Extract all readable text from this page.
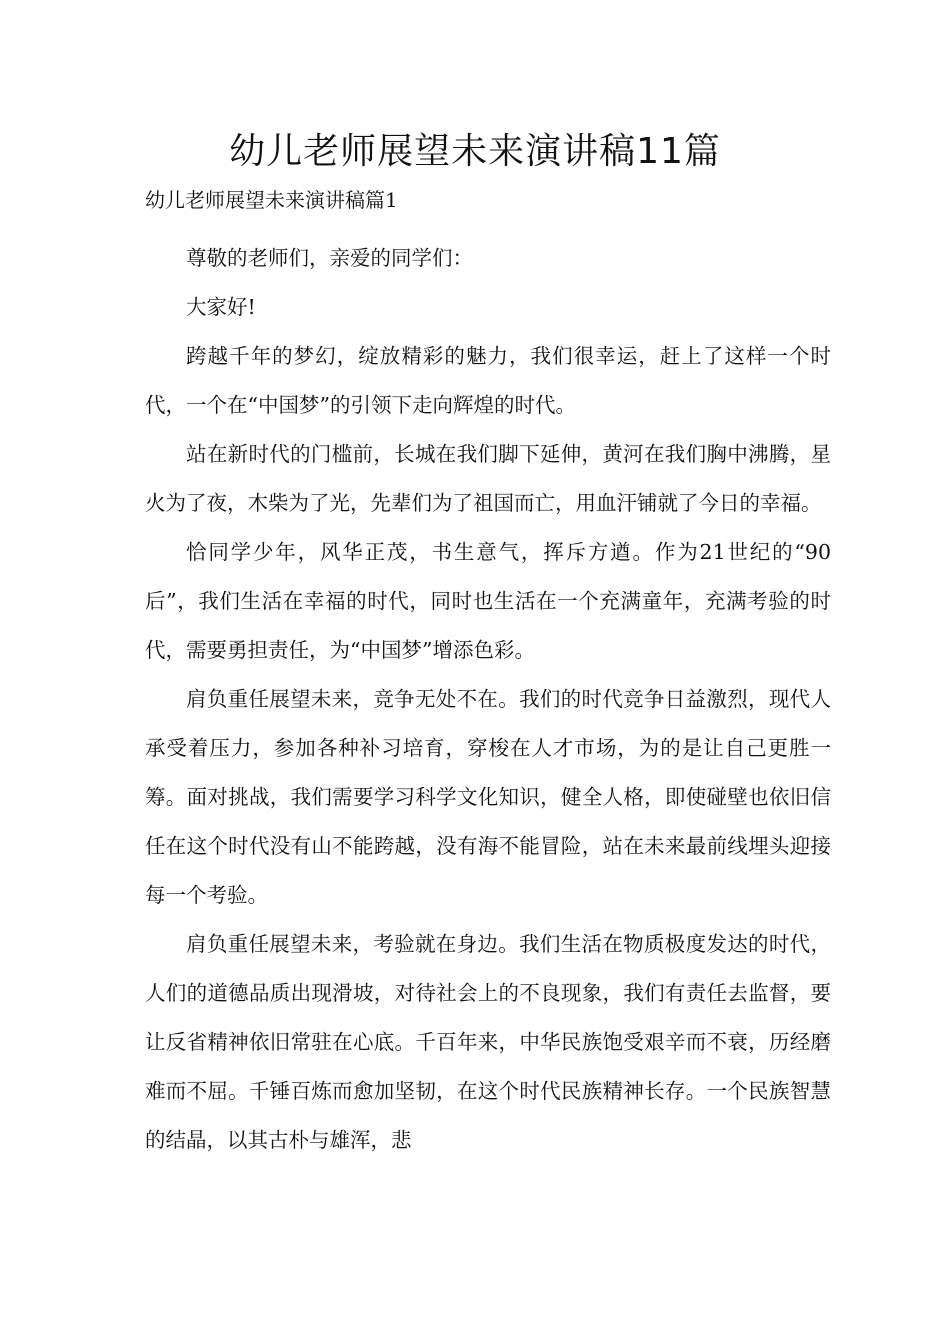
幼儿老师展望未来演讲稿11篇

幼儿老师展望未来演讲稿篇1

尊敬的老师们，亲爱的同学们：

大家好!

跨越千年的梦幻，绽放精彩的魅力，我们很幸运，赶上了这样一个时代，一个在“中国梦”的引领下走向辉煌的时代。

站在新时代的门槛前，长城在我们脚下延伸，黄河在我们胸中沸腾，星火为了夜，木柴为了光，先辈们为了祖国而亡，用血汗铺就了今日的幸福。

恰同学少年，风华正茂，书生意气，挥斥方遒。作为21世纪的“90后”，我们生活在幸福的时代，同时也生活在一个充满童年，充满考验的时代，需要勇担责任，为“中国梦”增添色彩。

肩负重任展望未来，竞争无处不在。我们的时代竞争日益激烈，现代人承受着压力，参加各种补习培育，穿梭在人才市场，为的是让自己更胜一筹。面对挑战，我们需要学习科学文化知识，健全人格，即使碰壁也依旧信任在这个时代没有山不能跨越，没有海不能冒险，站在未来最前线埋头迎接每一个考验。

肩负重任展望未来，考验就在身边。我们生活在物质极度发达的时代，人们的道德品质出现滑坡，对待社会上的不良现象，我们有责任去监督，要让反省精神依旧常驻在心底。千百年来，中华民族饱受艰辛而不衰，历经磨难而不屈。千锤百炼而愈加坚韧，在这个时代民族精神长存。一个民族智慧的结晶，以其古朴与雄浑，悲
